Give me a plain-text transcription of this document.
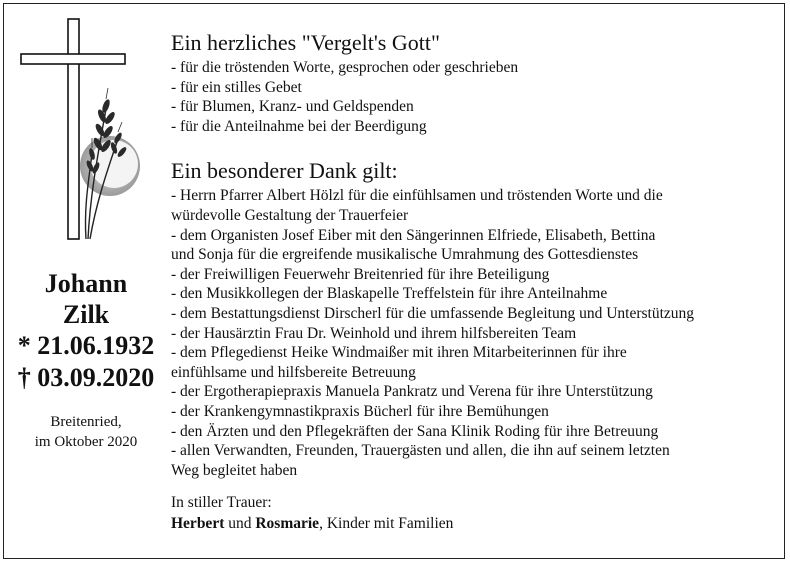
Johann
Zilk
* 21.06.1932
† 03.09.2020
Breitenried,
im Oktober 2020
Ein herzliches "Vergelt's Gott"
- für die tröstenden Worte, gesprochen oder geschrieben
- für ein stilles Gebet
- für Blumen, Kranz- und Geldspenden
- für die Anteilnahme bei der Beerdigung
Ein besonderer Dank gilt:
- Herrn Pfarrer Albert Hölzl für die einfühlsamen und tröstenden Worte und die
würdevolle Gestaltung der Trauerfeier
- dem Organisten Josef Eiber mit den Sängerinnen Elfriede, Elisabeth, Bettina
und Sonja für die ergreifende musikalische Umrahmung des Gottesdienstes
- der Freiwilligen Feuerwehr Breitenried für ihre Beteiligung
- den Musikkollegen der Blaskapelle Treffelstein für ihre Anteilnahme
- dem Bestattungsdienst Dirscherl für die umfassende Begleitung und Unterstützung
- der Hausärztin Frau Dr. Weinhold und ihrem hilfsbereiten Team
- dem Pflegedienst Heike Windmaißer mit ihren Mitarbeiterinnen für ihre
einfühlsame und hilfsbereite Betreuung
- der Ergotherapiepraxis Manuela Pankratz und Verena für ihre Unterstützung
- der Krankengymnastikpraxis Bücherl für ihre Bemühungen
- den Ärzten und den Pflegekräften der Sana Klinik Roding für ihre Betreuung
- allen Verwandten, Freunden, Trauergästen und allen, die ihn auf seinem letzten
Weg begleitet haben
In stiller Trauer:
Herbert und Rosmarie, Kinder mit Familien
